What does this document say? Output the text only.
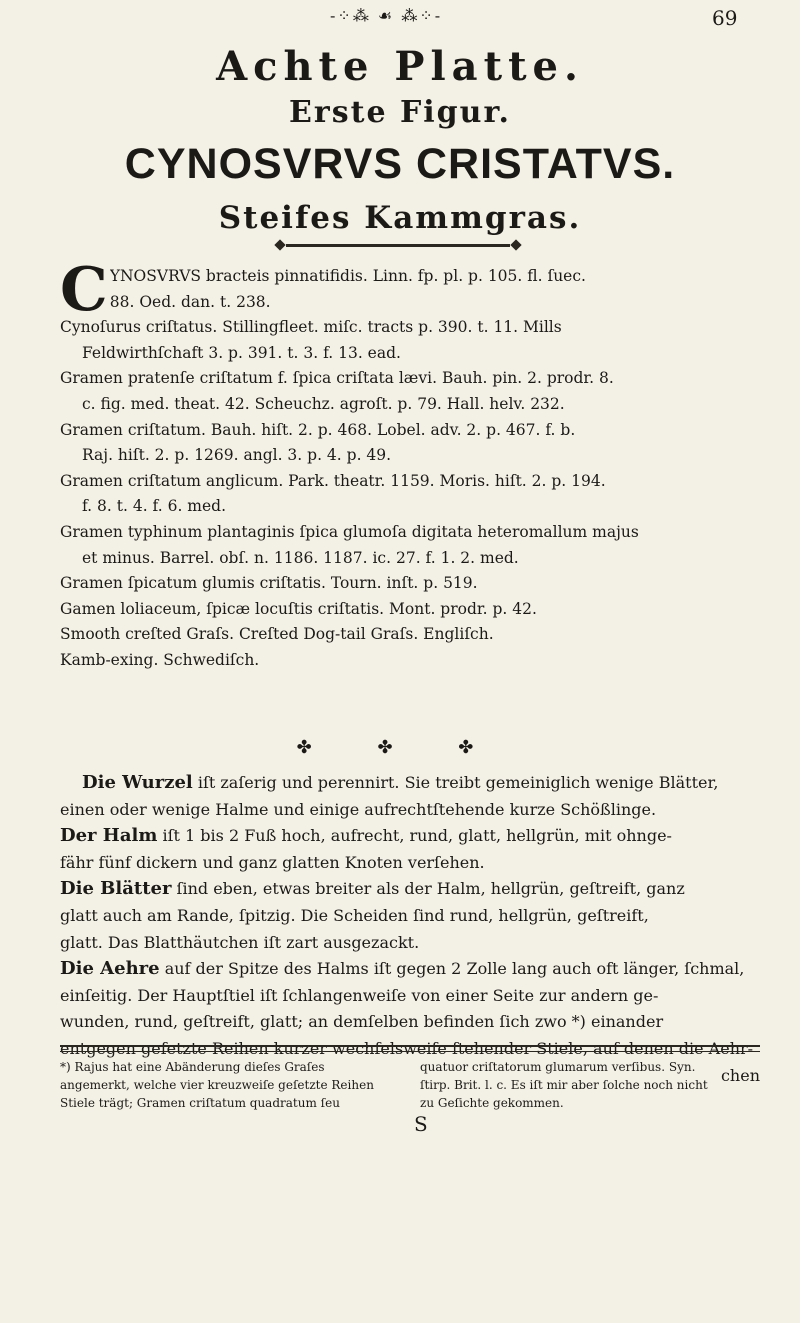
-⁘⁂ ☙ ⁂⁘-	69
Achte Platte.
Erste Figur.
CYNOSVRVS CRISTATVS.
Steifes Kammgras.
C YNOSVRVS bracteis pinnatifidis. Linn. fp. pl. p. 105. fl. ſuec.
88. Oed. dan. t. 238.
Cynoſurus criſtatus. Stillingfleet. miſc. tracts p. 390. t. 11. Mills
Feldwirthſchaft 3. p. 391. t. 3. f. 13. ead.
Gramen pratenſe criſtatum f. ſpica criſtata lævi. Bauh. pin. 2. prodr. 8.
c. fig. med. theat. 42. Scheuchz. agroſt. p. 79. Hall. helv. 232.
Gramen criſtatum. Bauh. hiſt. 2. p. 468. Lobel. adv. 2. p. 467. f. b.
Raj. hiſt. 2. p. 1269. angl. 3. p. 4. p. 49.
Gramen criſtatum anglicum. Park. theatr. 1159. Moris. hiſt. 2. p. 194.
f. 8. t. 4. f. 6. med.
Gramen typhinum plantaginis ſpica glumoſa digitata heteromallum majus
et minus. Barrel. obſ. n. 1186. 1187. ic. 27. f. 1. 2. med.
Gramen ſpicatum glumis criſtatis. Tourn. inſt. p. 519.
Gamen loliaceum, ſpicæ locuſtis criſtatis. Mont. prodr. p. 42.
Smooth creſted Graſs. Creſted Dog-tail Graſs. Engliſch.
Kamb-exing. Schwediſch.
✤ ✤ ✤
Die Wurzel iſt zaſerig und perennirt. Sie treibt gemeiniglich wenige Blätter,
einen oder wenige Halme und einige aufrechtſtehende kurze Schößlinge.
Der Halm iſt 1 bis 2 Fuß hoch, aufrecht, rund, glatt, hellgrün, mit ohnge-
fähr fünf dickern und ganz glatten Knoten verſehen.
Die Blätter ſind eben, etwas breiter als der Halm, hellgrün, geſtreift, ganz
glatt auch am Rande, ſpitzig. Die Scheiden ſind rund, hellgrün, geſtreift,
glatt. Das Blatthäutchen iſt zart ausgezackt.
Die Aehre auf der Spitze des Halms iſt gegen 2 Zolle lang auch oft länger, ſchmal,
einſeitig. Der Hauptſtiel iſt ſchlangenweiſe von einer Seite zur andern ge-
wunden, rund, geſtreift, glatt; an demſelben befinden ſich zwo *) einander
entgegen geſetzte Reihen kurzer wechſelsweiſe ſtehender Stiele, auf denen die Aehr-
chen
*) Rajus hat eine Abänderung dieſes Graſes
angemerkt, welche vier kreuzweiſe geſetzte Reihen
Stiele trägt; Gramen criſtatum quadratum ſeu
quatuor criſtatorum glumarum verſibus. Syn.
ſtirp. Brit. l. c. Es iſt mir aber ſolche noch nicht
zu Geſichte gekommen.
S
